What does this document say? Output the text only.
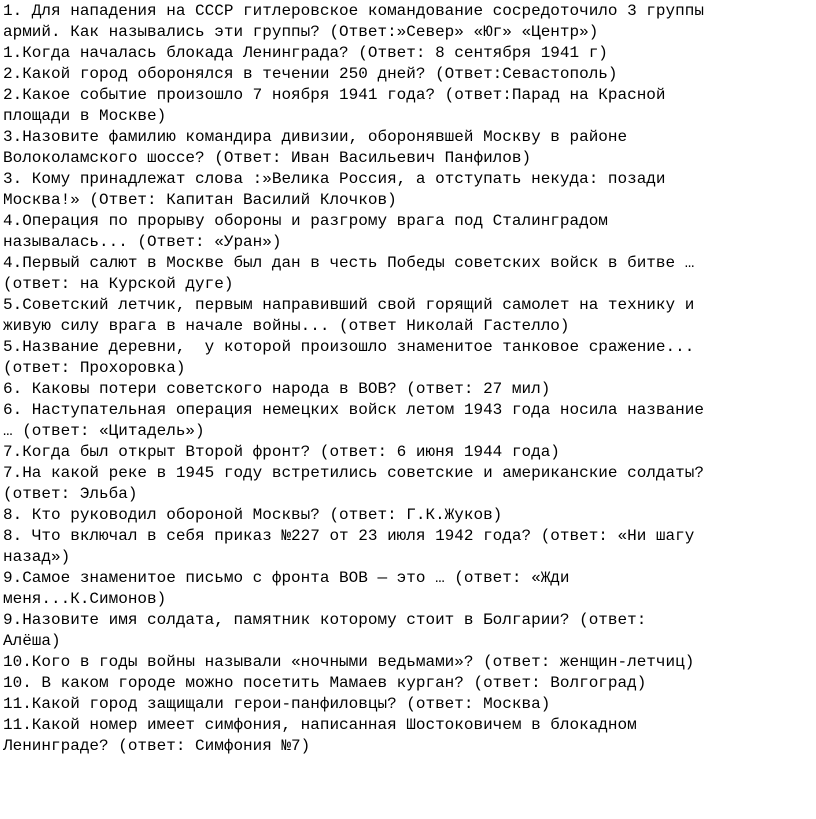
1. Для нападения на СССР гитлеровское командование сосредоточило 3 группы
армий. Как назывались эти группы? (Ответ:»Север» «Юг» «Центр»)
1.Когда началась блокада Ленинграда? (Ответ: 8 сентября 1941 г)
2.Какой город оборонялся в течении 250 дней? (Ответ:Севастополь)
2.Какое событие произошло 7 ноября 1941 года? (ответ:Парад на Красной
площади в Москве)
3.Назовите фамилию командира дивизии, оборонявшей Москву в районе
Волоколамского шоссе? (Ответ: Иван Васильевич Панфилов)
3. Кому принадлежат слова :»Велика Россия, а отступать некуда: позади
Москва!» (Ответ: Капитан Василий Клочков)
4.Операция по прорыву обороны и разгрому врага под Сталинградом
называлась... (Ответ: «Уран»)
4.Первый салют в Москве был дан в честь Победы советских войск в битве …
(ответ: на Курской дуге)
5.Советский летчик, первым направивший свой горящий самолет на технику и
живую силу врага в начале войны... (ответ Николай Гастелло)
5.Название деревни,  у которой произошло знаменитое танковое сражение...
(ответ: Прохоровка)
6. Каковы потери советского народа в ВОВ? (ответ: 27 мил)
6. Наступательная операция немецких войск летом 1943 года носила название
… (ответ: «Цитадель»)
7.Когда был открыт Второй фронт? (ответ: 6 июня 1944 года)
7.На какой реке в 1945 году встретились советские и американские солдаты?
(ответ: Эльба)
8. Кто руководил обороной Москвы? (ответ: Г.К.Жуков)
8. Что включал в себя приказ №227 от 23 июля 1942 года? (ответ: «Ни шагу
назад»)
9.Самое знаменитое письмо с фронта ВОВ — это … (ответ: «Жди
меня...К.Симонов)
9.Назовите имя солдата, памятник которому стоит в Болгарии? (ответ:
Алёша)
10.Кого в годы войны называли «ночными ведьмами»? (ответ: женщин-летчиц)
10. В каком городе можно посетить Мамаев курган? (ответ: Волгоград)
11.Какой город защищали герои-панфиловцы? (ответ: Москва)
11.Какой номер имеет симфония, написанная Шостоковичем в блокадном
Ленинграде? (ответ: Симфония №7)
